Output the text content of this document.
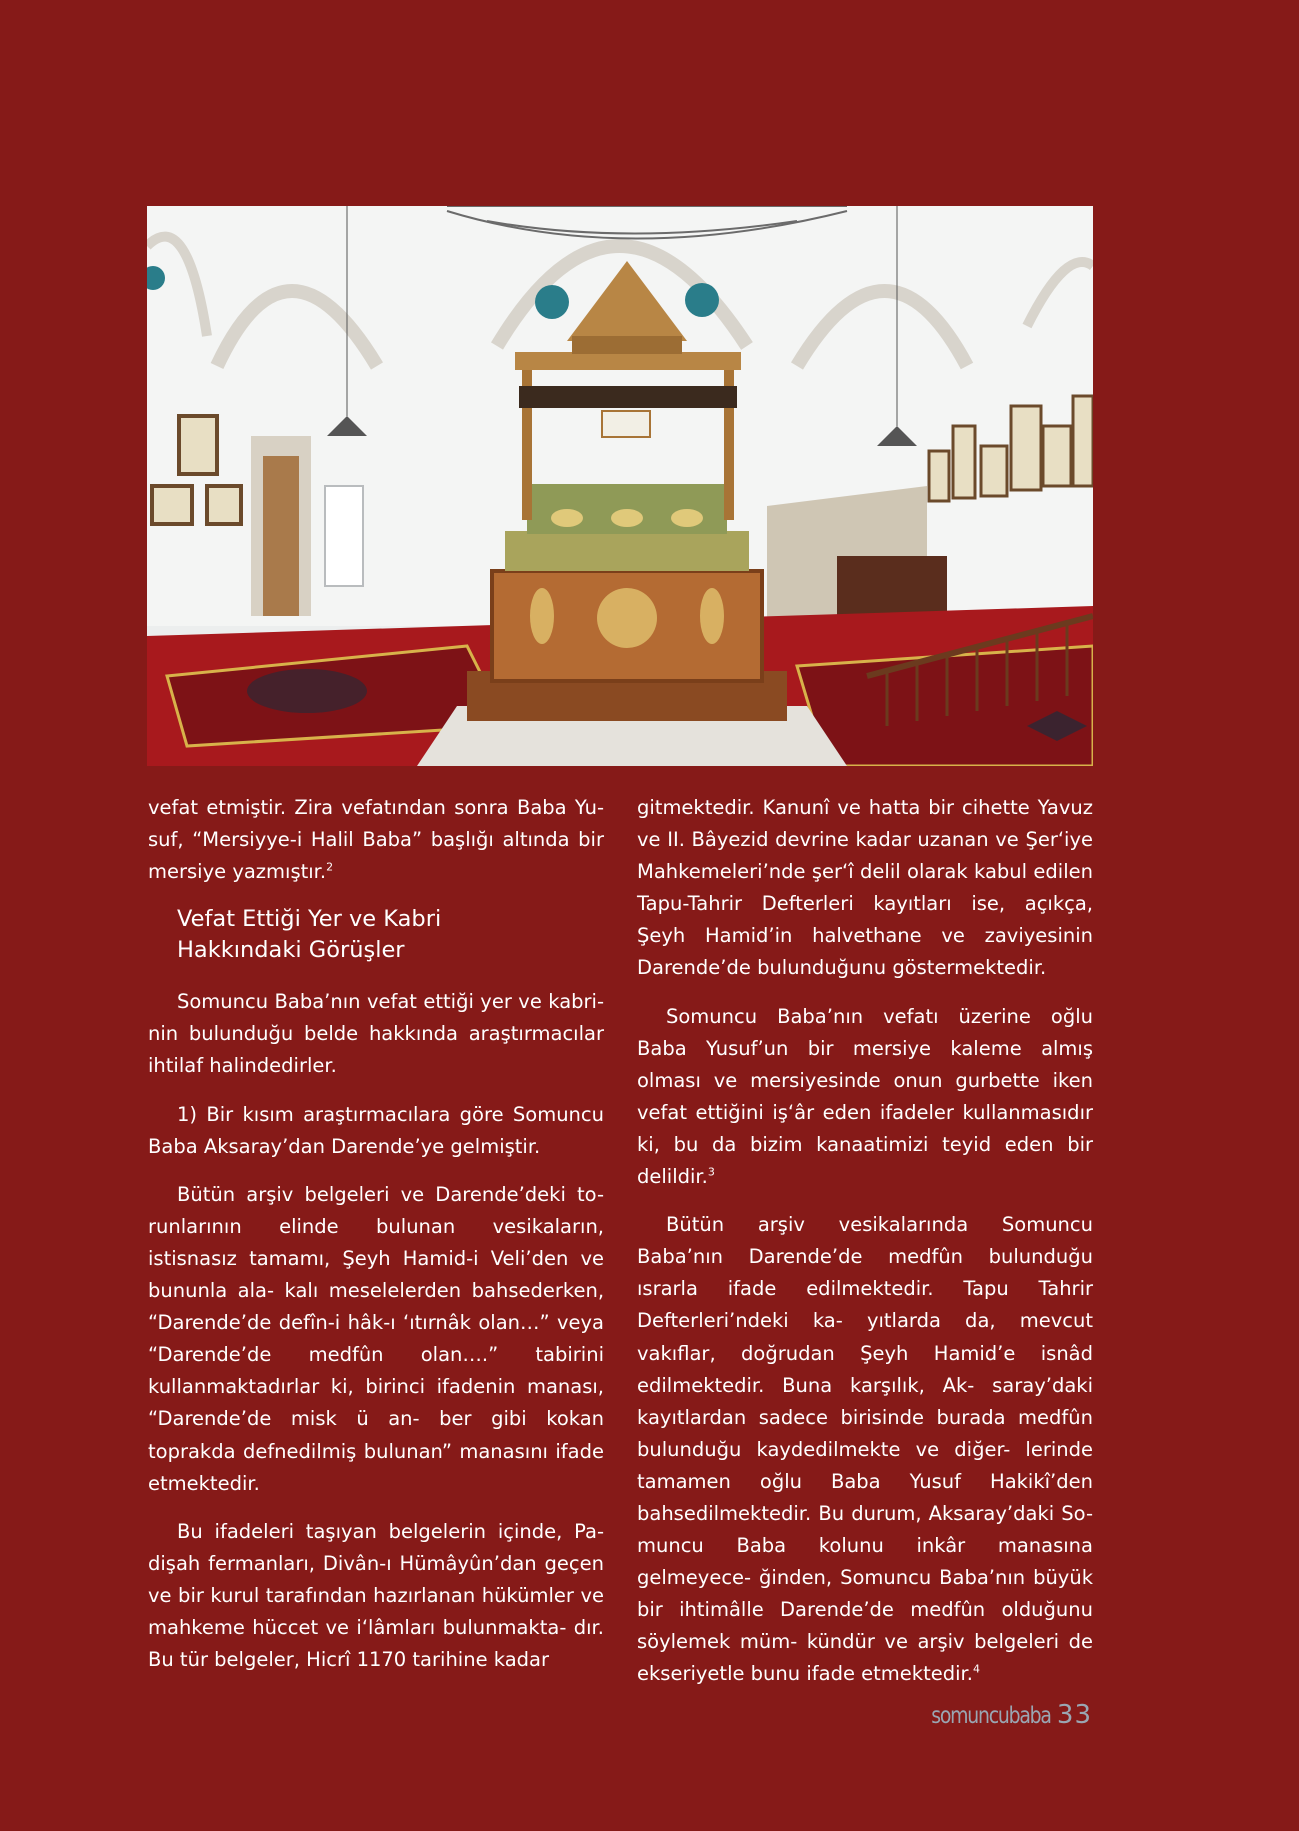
vefat etmiştir. Zira vefatından sonra Baba Yu- suf, “Mersiyye-i Halil Baba” başlığı altında bir mersiye yazmıştır.$^2$

Vefat Ettiği Yer ve Kabri
Hakkındaki Görüşler

Somuncu Baba’nın vefat ettiği yer ve kabri- nin bulunduğu belde hakkında araştırmacılar ihtilaf halindedirler.

1) Bir kısım araştırmacılara göre Somuncu Baba Aksaray’dan Darende’ye gelmiştir.

Bütün arşiv belgeleri ve Darende’deki to- runlarının elinde bulunan vesikaların, istisnasız tamamı, Şeyh Hamid-i Veli’den ve bununla ala- kalı meselelerden bahsederken, “Darende’de defîn-i hâk-ı ‘ıtırnâk olan…” veya “Darende’de medfûn olan….” tabirini kullanmaktadırlar ki, birinci ifadenin manası, “Darende’de misk ü an- ber gibi kokan toprakda defnedilmiş bulunan” manasını ifade etmektedir.

Bu ifadeleri taşıyan belgelerin içinde, Pa- dişah fermanları, Divân-ı Hümâyûn’dan geçen ve bir kurul tarafından hazırlanan hükümler ve mahkeme hüccet ve i‘lâmları bulunmakta- dır. Bu tür belgeler, Hicrî 1170 tarihine kadar

gitmektedir. Kanunî ve hatta bir cihette Yavuz ve II. Bâyezid devrine kadar uzanan ve Şer‘iye Mahkemeleri’nde şer‘î delil olarak kabul edilen Tapu-Tahrir Defterleri kayıtları ise, açıkça, Şeyh Hamid’in halvethane ve zaviyesinin Darende’de bulunduğunu göstermektedir.

Somuncu Baba’nın vefatı üzerine oğlu Baba Yusuf’un bir mersiye kaleme almış olması ve mersiyesinde onun gurbette iken vefat ettiğini iş‘âr eden ifadeler kullanmasıdır ki, bu da bizim kanaatimizi teyid eden bir delildir.$^3$

Bütün arşiv vesikalarında Somuncu Baba’nın Darende’de medfûn bulunduğu ısrarla ifade edilmektedir. Tapu Tahrir Defterleri’ndeki ka- yıtlarda da, mevcut vakıflar, doğrudan Şeyh Hamid’e isnâd edilmektedir. Buna karşılık, Ak- saray’daki kayıtlardan sadece birisinde burada medfûn bulunduğu kaydedilmekte ve diğer- lerinde tamamen oğlu Baba Yusuf Hakikî’den bahsedilmektedir. Bu durum, Aksaray’daki So- muncu Baba kolunu inkâr manasına gelmeyece- ğinden, Somuncu Baba’nın büyük bir ihtimâlle Darende’de medfûn olduğunu söylemek müm- kündür ve arşiv belgeleri de ekseriyetle bunu ifade etmektedir.$^4$

somuncubaba 33
